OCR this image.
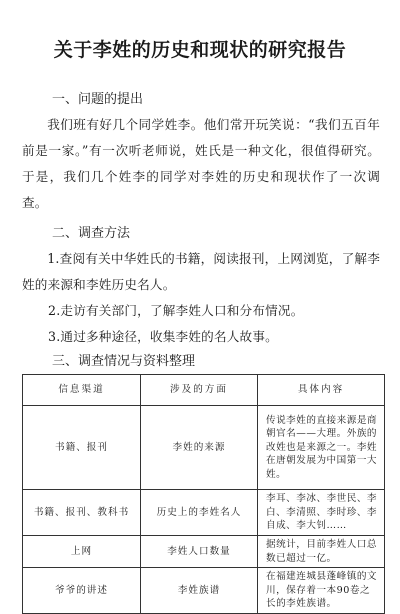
关于李姓的历史和现状的研究报告
一、问题的提出
我们班有好几个同学姓李。他们常开玩笑说：“我们五百年前是一家。”有一次听老师说，姓氏是一种文化，很值得研究。于是，我们几个姓李的同学对李姓的历史和现状作了一次调查。
二、调查方法
1.查阅有关中华姓氏的书籍，阅读报刊，上网浏览，了解李姓的来源和李姓历史名人。
2.走访有关部门，了解李姓人口和分布情况。
3.通过多种途径，收集李姓的名人故事。
三、调查情况与资料整理
信息渠道	涉及的方面	具体内容
书籍、报刊	李姓的来源	传说李姓的直接来源是商朝官名——大理。外族的改姓也是来源之一。李姓在唐朝发展为中国第一大姓。
书籍、报刊、教科书	历史上的李姓名人	李耳、李冰、李世民、李白、李清照、李时珍、李自成、李大钊……
上网	李姓人口数量	据统计，目前李姓人口总数已超过一亿。
爷爷的讲述	李姓族谱	在福建连城县蓬峰镇的文川，保存着一本90卷之长的李姓族谱。
